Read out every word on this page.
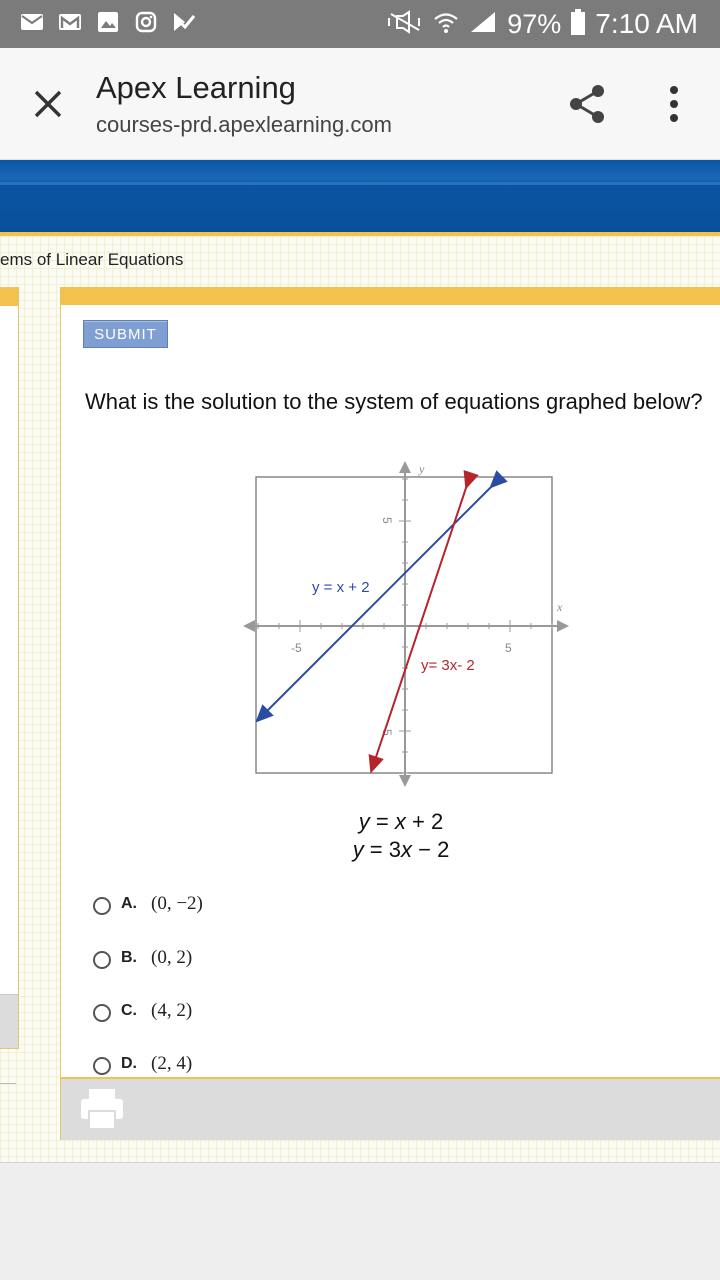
97% 7:10 AM
Apex Learning
courses-prd.apexlearning.com
ems of Linear Equations
SUBMIT
What is the solution to the system of equations graphed below?
x
y
-5	5
5
-5
y = x + 2
y= 3x- 2
y = x + 2
y = 3x − 2
A. (0, −2)
B. (0, 2)
C. (4, 2)
D. (2, 4)
